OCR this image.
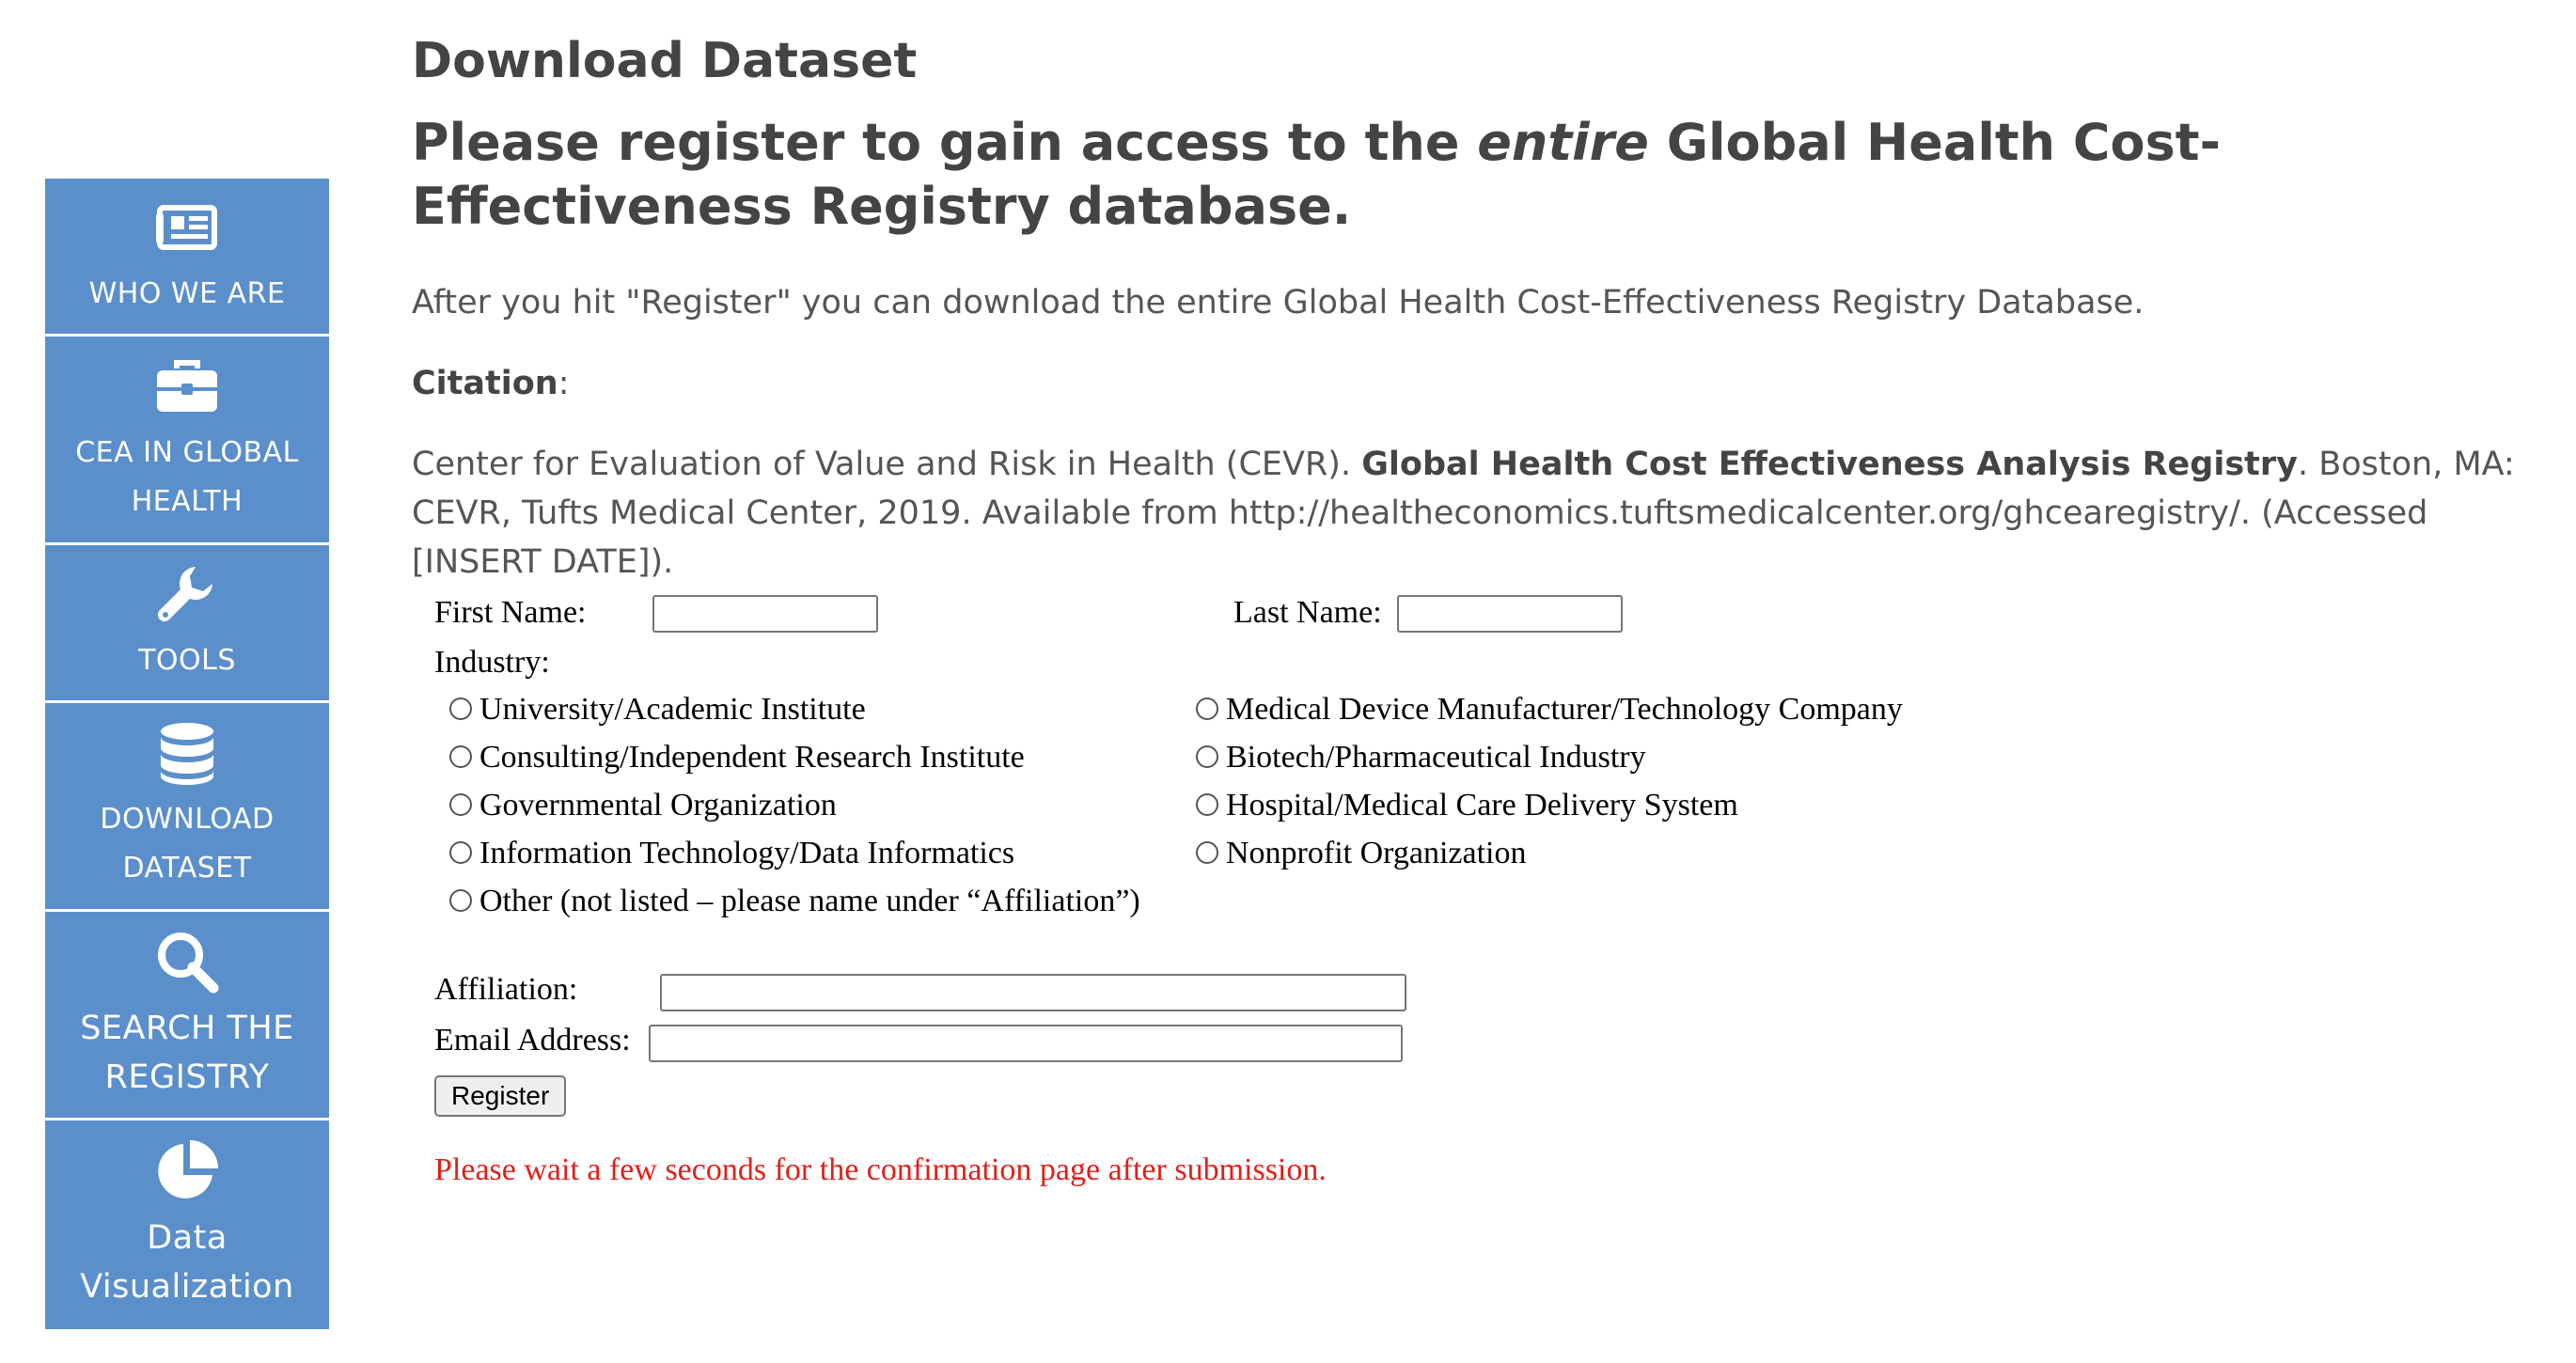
WHO WE ARE
CEA IN GLOBAL HEALTH
TOOLS
DOWNLOAD DATASET
SEARCH THE REGISTRY
Data Visualization
Download Dataset
Please register to gain access to the entire Global Health Cost-Effectiveness Registry database.

After you hit "Register" you can download the entire Global Health Cost-Effectiveness Registry Database.

Citation:

Center for Evaluation of Value and Risk in Health (CEVR). Global Health Cost Effectiveness Analysis Registry. Boston, MA: CEVR, Tufts Medical Center, 2019. Available from http://healtheconomics.tuftsmedicalcenter.org/ghcearegistry/. (Accessed [INSERT DATE]).

First Name:	Last Name:
Industry:
University/Academic Institute
Consulting/Independent Research Institute
Governmental Organization
Information Technology/Data Informatics
Other (not listed – please name under “Affiliation”)
Medical Device Manufacturer/Technology Company
Biotech/Pharmaceutical Industry
Hospital/Medical Care Delivery System
Nonprofit Organization
Affiliation:
Email Address:
Register
Please wait a few seconds for the confirmation page after submission.
